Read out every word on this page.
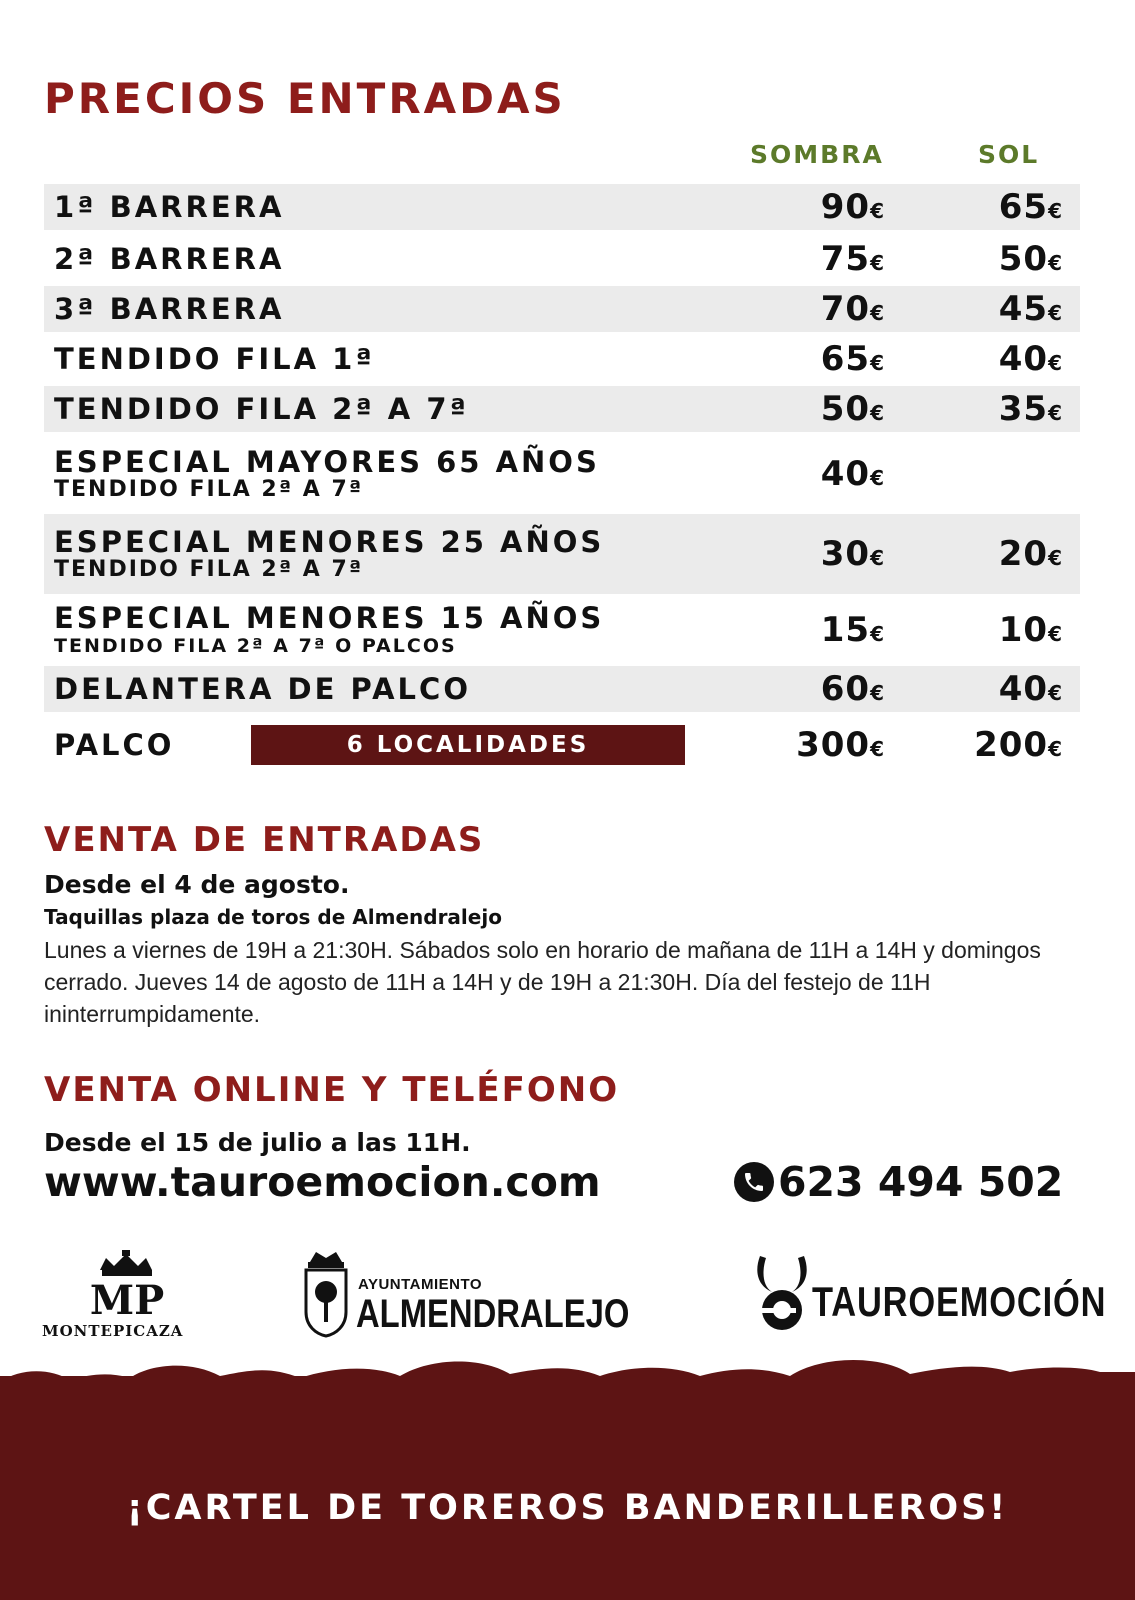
PRECIOS ENTRADAS
SOMBRA	SOL
1ª BARRERA	90€	65€
2ª BARRERA	75€	50€
3ª BARRERA	70€	45€
TENDIDO FILA 1ª	65€	40€
TENDIDO FILA 2ª A 7ª	50€	35€
ESPECIAL MAYORES 65 AÑOS
TENDIDO FILA 2ª A 7ª	40€
ESPECIAL MENORES 25 AÑOS
TENDIDO FILA 2ª A 7ª	30€	20€
ESPECIAL MENORES 15 AÑOS
TENDIDO FILA 2ª A 7ª O PALCOS	15€	10€
DELANTERA DE PALCO	60€	40€
PALCO	6 LOCALIDADES	300€	200€
VENTA DE ENTRADAS
Desde el 4 de agosto.
Taquillas plaza de toros de Almendralejo
Lunes a viernes de 19H a 21:30H. Sábados solo en horario de mañana de 11H a 14H y domingos cerrado. Jueves 14 de agosto de 11H a 14H y de 19H a 21:30H. Día del festejo de 11H ininterrumpidamente.
VENTA ONLINE Y TELÉFONO
Desde el 15 de julio a las 11H.
www.tauroemocion.com	623 494 502
MP
MONTEPICAZA
AYUNTAMIENTO
ALMENDRALEJO	TAUROEMOCIÓN
¡CARTEL DE TOREROS BANDERILLEROS!
